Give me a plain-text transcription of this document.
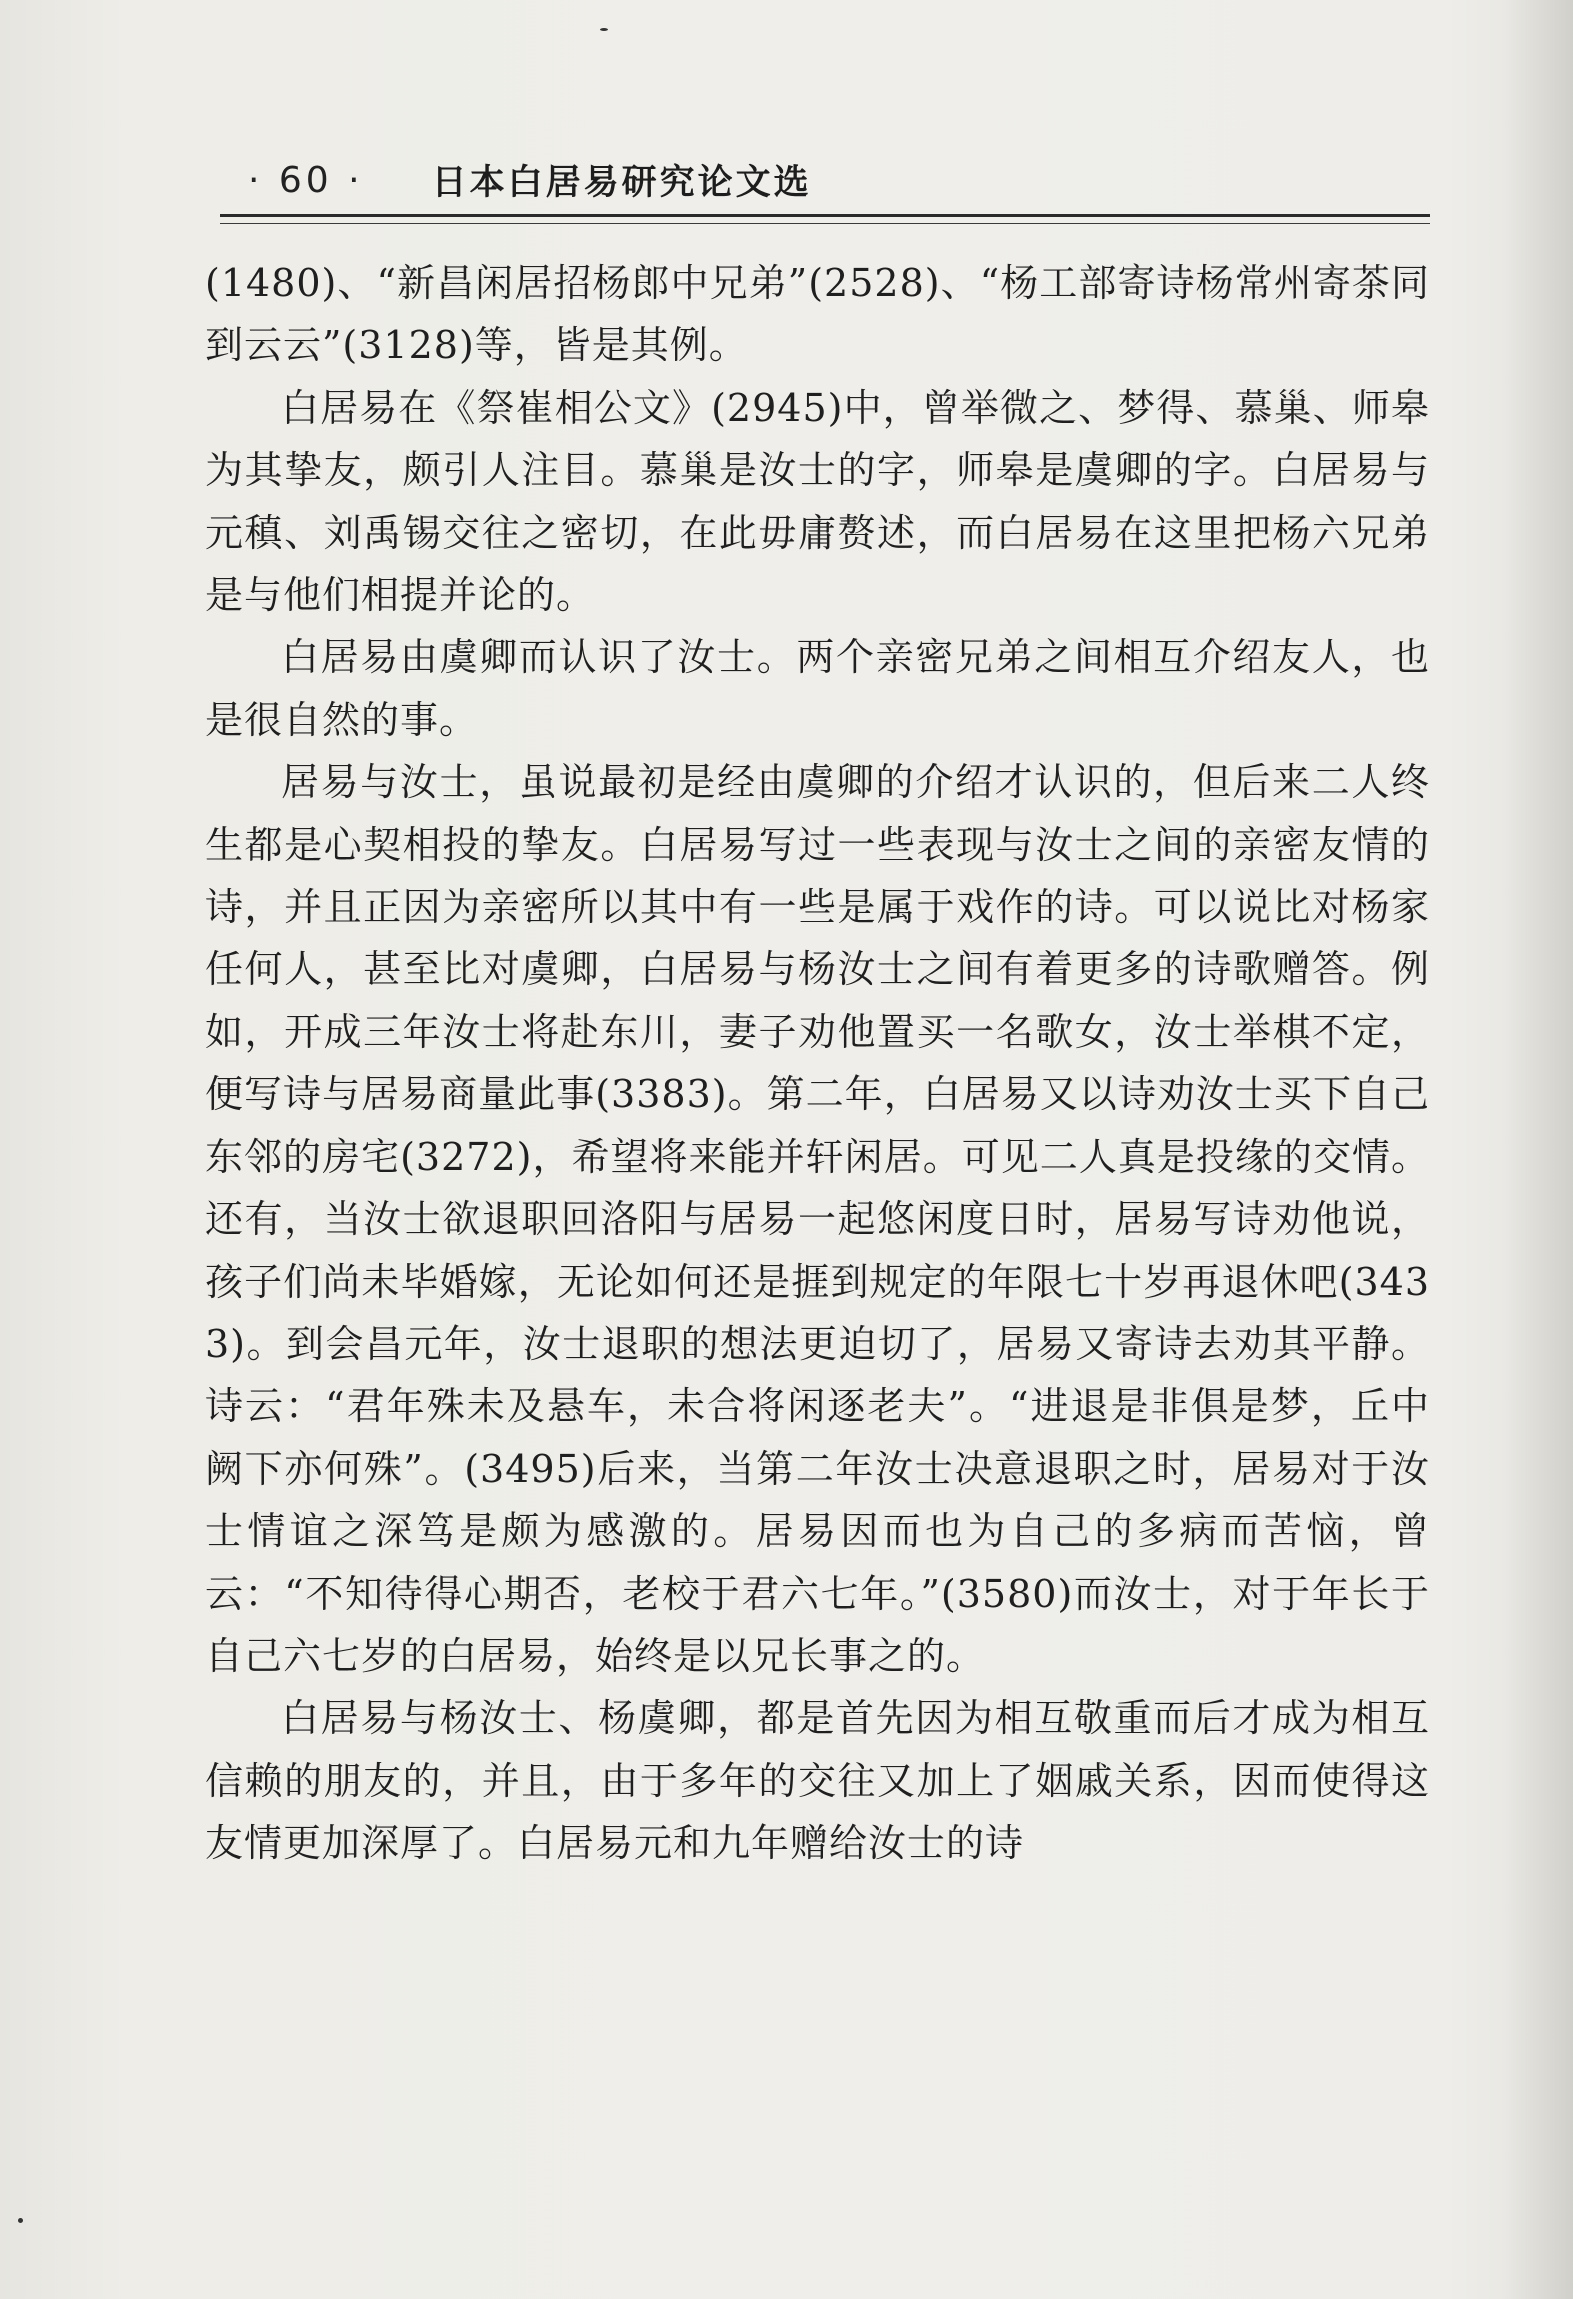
· 60 · 日本白居易研究论文选

(1480)、“新昌闲居招杨郎中兄弟”(2528)、“杨工部寄诗杨常州寄茶同到云云”(3128)等，皆是其例。

白居易在《祭崔相公文》(2945)中，曾举微之、梦得、慕巢、师皋为其挚友，颇引人注目。慕巢是汝士的字，师皋是虞卿的字。白居易与元稹、刘禹锡交往之密切，在此毋庸赘述，而白居易在这里把杨六兄弟是与他们相提并论的。

白居易由虞卿而认识了汝士。两个亲密兄弟之间相互介绍友人，也是很自然的事。

居易与汝士，虽说最初是经由虞卿的介绍才认识的，但后来二人终生都是心契相投的挚友。白居易写过一些表现与汝士之间的亲密友情的诗，并且正因为亲密所以其中有一些是属于戏作的诗。可以说比对杨家任何人，甚至比对虞卿，白居易与杨汝士之间有着更多的诗歌赠答。例如，开成三年汝士将赴东川，妻子劝他置买一名歌女，汝士举棋不定，便写诗与居易商量此事(3383)。第二年，白居易又以诗劝汝士买下自己东邻的房宅(3272)，希望将来能并轩闲居。可见二人真是投缘的交情。还有，当汝士欲退职回洛阳与居易一起悠闲度日时，居易写诗劝他说，孩子们尚未毕婚嫁，无论如何还是捱到规定的年限七十岁再退休吧(3433)。到会昌元年，汝士退职的想法更迫切了，居易又寄诗去劝其平静。诗云：“君年殊未及悬车，未合将闲逐老夫”。“进退是非俱是梦，丘中阙下亦何殊”。(3495)后来，当第二年汝士决意退职之时，居易对于汝士情谊之深笃是颇为感激的。居易因而也为自己的多病而苦恼，曾云：“不知待得心期否，老校于君六七年。”(3580)而汝士，对于年长于自己六七岁的白居易，始终是以兄长事之的。

白居易与杨汝士、杨虞卿，都是首先因为相互敬重而后才成为相互信赖的朋友的，并且，由于多年的交往又加上了姻戚关系，因而使得这友情更加深厚了。白居易元和九年赠给汝士的诗
